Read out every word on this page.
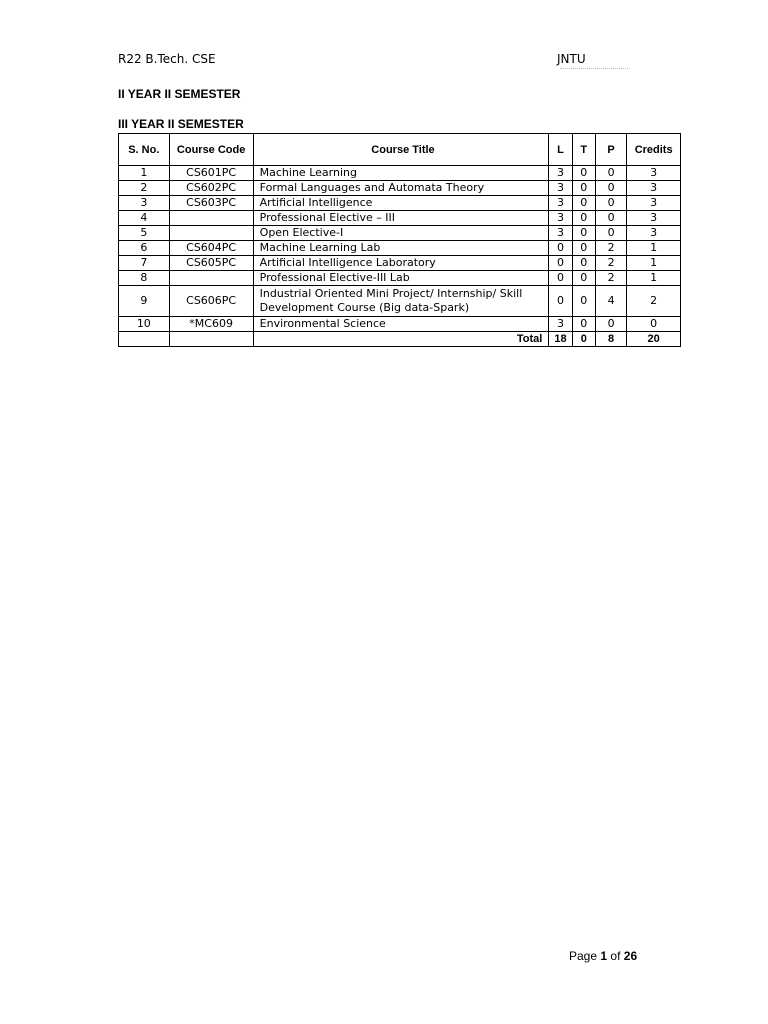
R22 B.Tech. CSE	JNTU
II YEAR II SEMESTER
III YEAR II SEMESTER
S. No.	Course Code	Course Title	L	T	P	Credits
1	CS601PC	Machine Learning	3	0	0	3
2	CS602PC	Formal Languages and Automata Theory	3	0	0	3
3	CS603PC	Artificial Intelligence	3	0	0	3
4		Professional Elective – III	3	0	0	3
5		Open Elective-I	3	0	0	3
6	CS604PC	Machine Learning Lab	0	0	2	1
7	CS605PC	Artificial Intelligence Laboratory	0	0	2	1
8		Professional Elective-III Lab	0	0	2	1
9	CS606PC	Industrial Oriented Mini Project/ Internship/ Skill Development Course (Big data-Spark)	0	0	4	2
10	*MC609	Environmental Science	3	0	0	0
		Total	18	0	8	20
Page 1 of 26
